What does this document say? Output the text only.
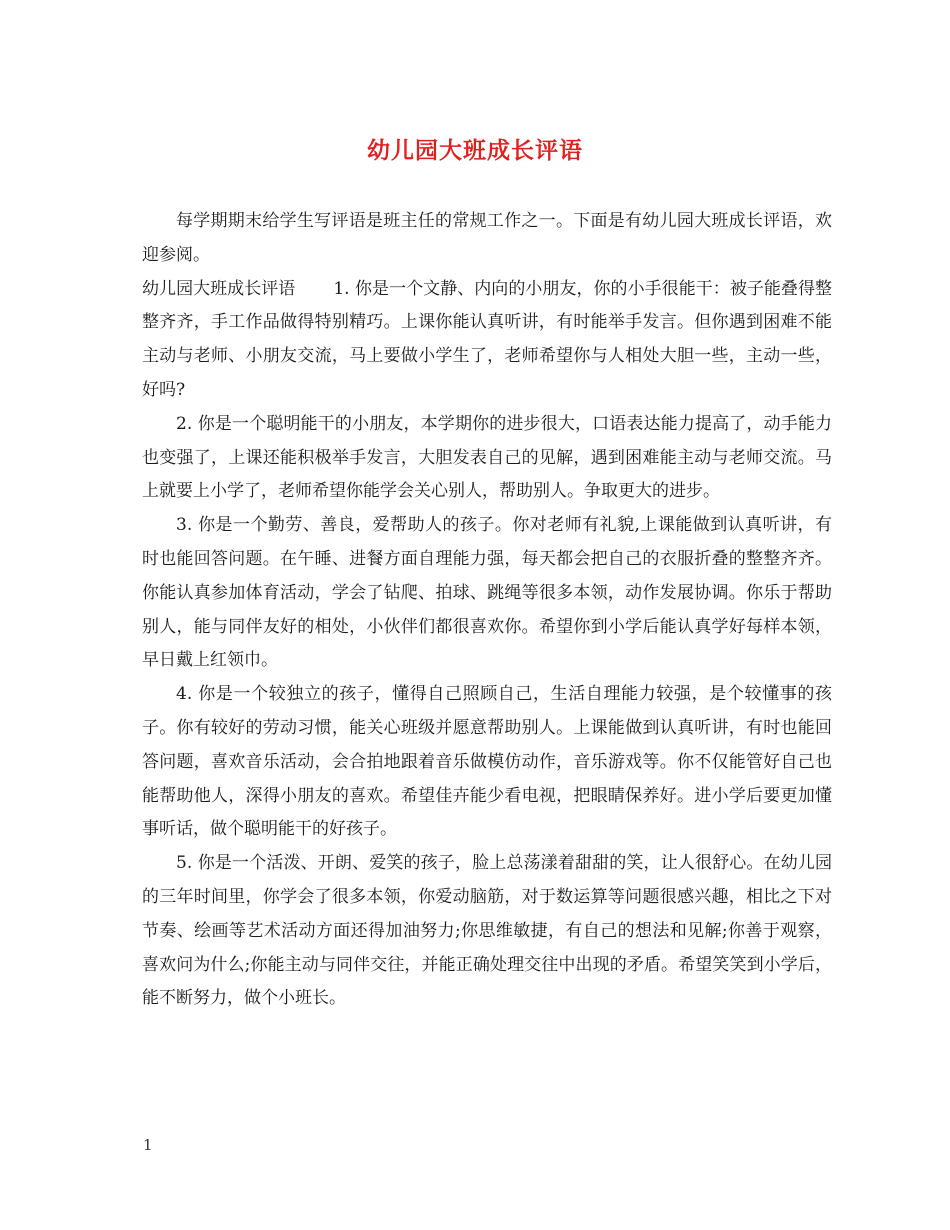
幼儿园大班成长评语

每学期期末给学生写评语是班主任的常规工作之一。下面是有幼儿园大班成长评语，欢迎参阅。

幼儿园大班成长评语 1. 你是一个文静、内向的小朋友，你的小手很能干：被子能叠得整整齐齐，手工作品做得特别精巧。上课你能认真听讲，有时能举手发言。但你遇到困难不能主动与老师、小朋友交流，马上要做小学生了，老师希望你与人相处大胆一些，主动一些，好吗?

2. 你是一个聪明能干的小朋友，本学期你的进步很大，口语表达能力提高了，动手能力也变强了，上课还能积极举手发言，大胆发表自己的见解，遇到困难能主动与老师交流。马上就要上小学了，老师希望你能学会关心别人，帮助别人。争取更大的进步。

3. 你是一个勤劳、善良，爱帮助人的孩子。你对老师有礼貌,上课能做到认真听讲，有时也能回答问题。在午睡、进餐方面自理能力强，每天都会把自己的衣服折叠的整整齐齐。你能认真参加体育活动，学会了钻爬、拍球、跳绳等很多本领，动作发展协调。你乐于帮助别人，能与同伴友好的相处，小伙伴们都很喜欢你。希望你到小学后能认真学好每样本领，早日戴上红领巾。

4. 你是一个较独立的孩子，懂得自己照顾自己，生活自理能力较强，是个较懂事的孩子。你有较好的劳动习惯，能关心班级并愿意帮助别人。上课能做到认真听讲，有时也能回答问题，喜欢音乐活动，会合拍地跟着音乐做模仿动作，音乐游戏等。你不仅能管好自己也能帮助他人，深得小朋友的喜欢。希望佳卉能少看电视，把眼睛保养好。进小学后要更加懂事听话，做个聪明能干的好孩子。

5. 你是一个活泼、开朗、爱笑的孩子，脸上总荡漾着甜甜的笑，让人很舒心。在幼儿园的三年时间里，你学会了很多本领，你爱动脑筋，对于数运算等问题很感兴趣，相比之下对节奏、绘画等艺术活动方面还得加油努力;你思维敏捷，有自己的想法和见解;你善于观察，喜欢问为什么;你能主动与同伴交往，并能正确处理交往中出现的矛盾。希望笑笑到小学后，能不断努力，做个小班长。

1
